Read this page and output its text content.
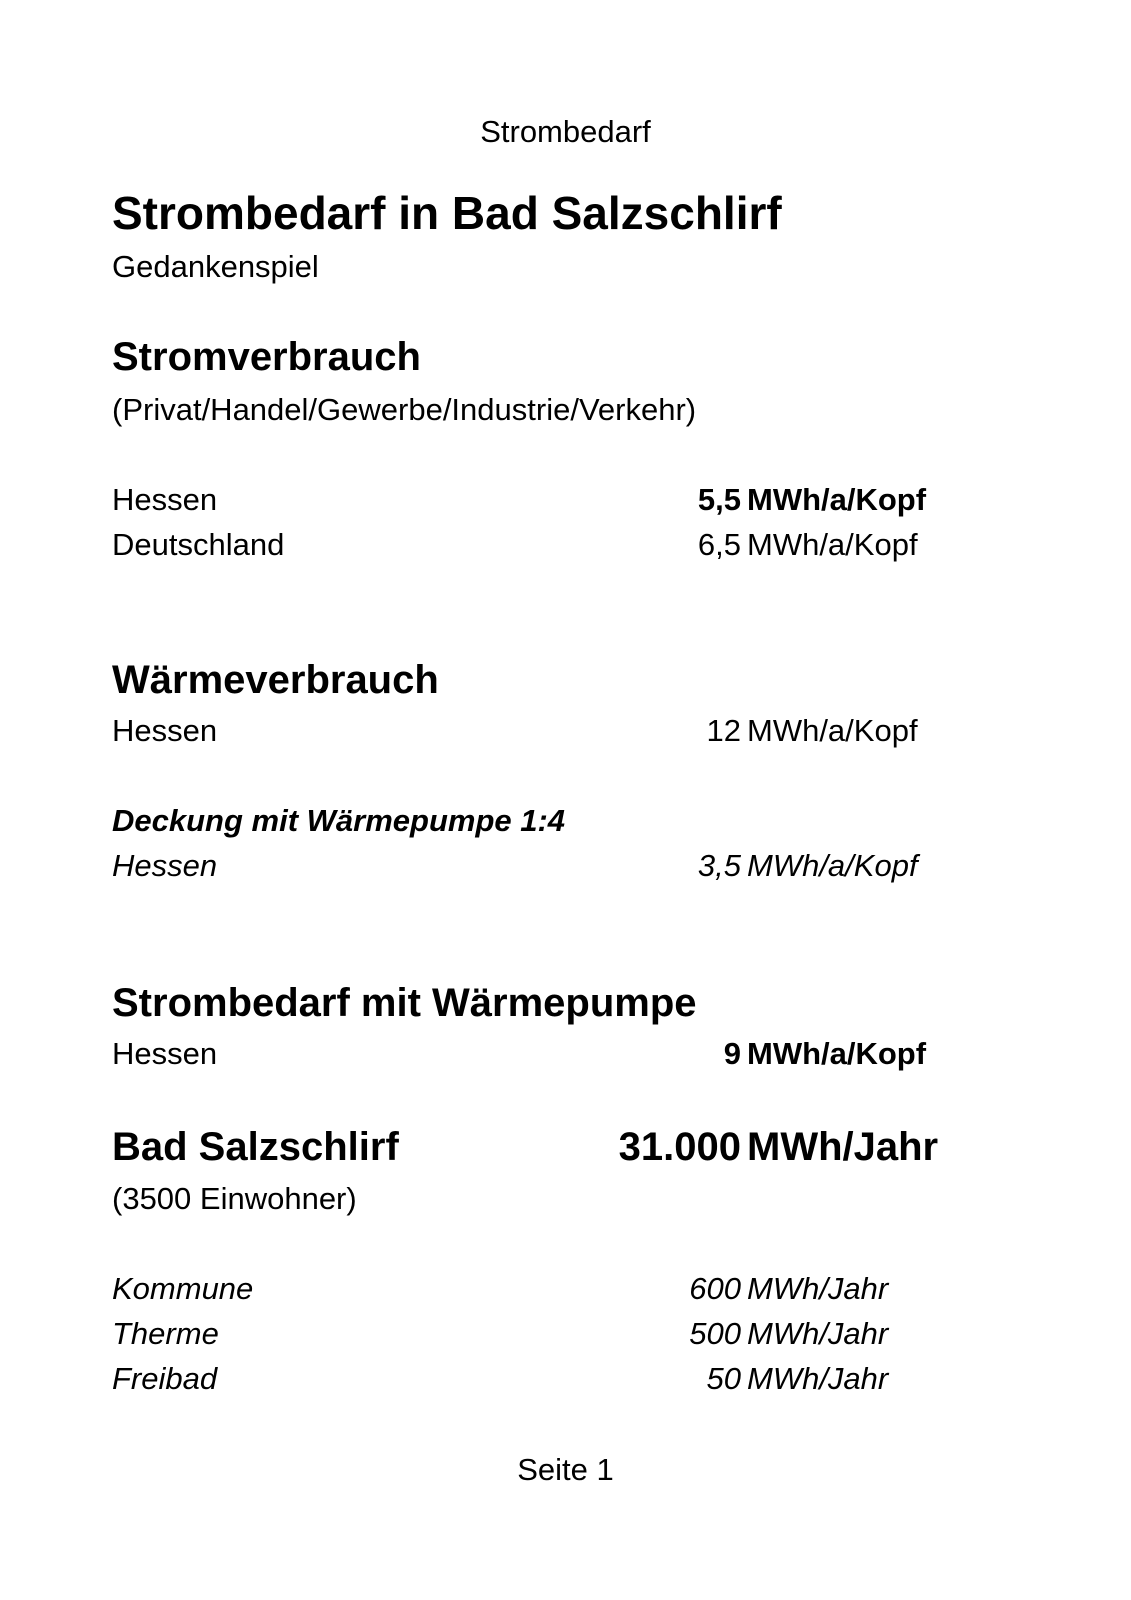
Strombedarf
Strombedarf in Bad Salzschlirf
Gedankenspiel
Stromverbrauch
(Privat/Handel/Gewerbe/Industrie/Verkehr)
Hessen	5,5 MWh/a/Kopf
Deutschland	6,5 MWh/a/Kopf
Wärmeverbrauch
Hessen	12 MWh/a/Kopf
Deckung mit Wärmepumpe 1:4
Hessen	3,5 MWh/a/Kopf
Strombedarf mit Wärmepumpe
Hessen	9 MWh/a/Kopf
Bad Salzschlirf	31.000 MWh/Jahr
(3500 Einwohner)
Kommune	600 MWh/Jahr
Therme	500 MWh/Jahr
Freibad	50 MWh/Jahr
Seite 1
